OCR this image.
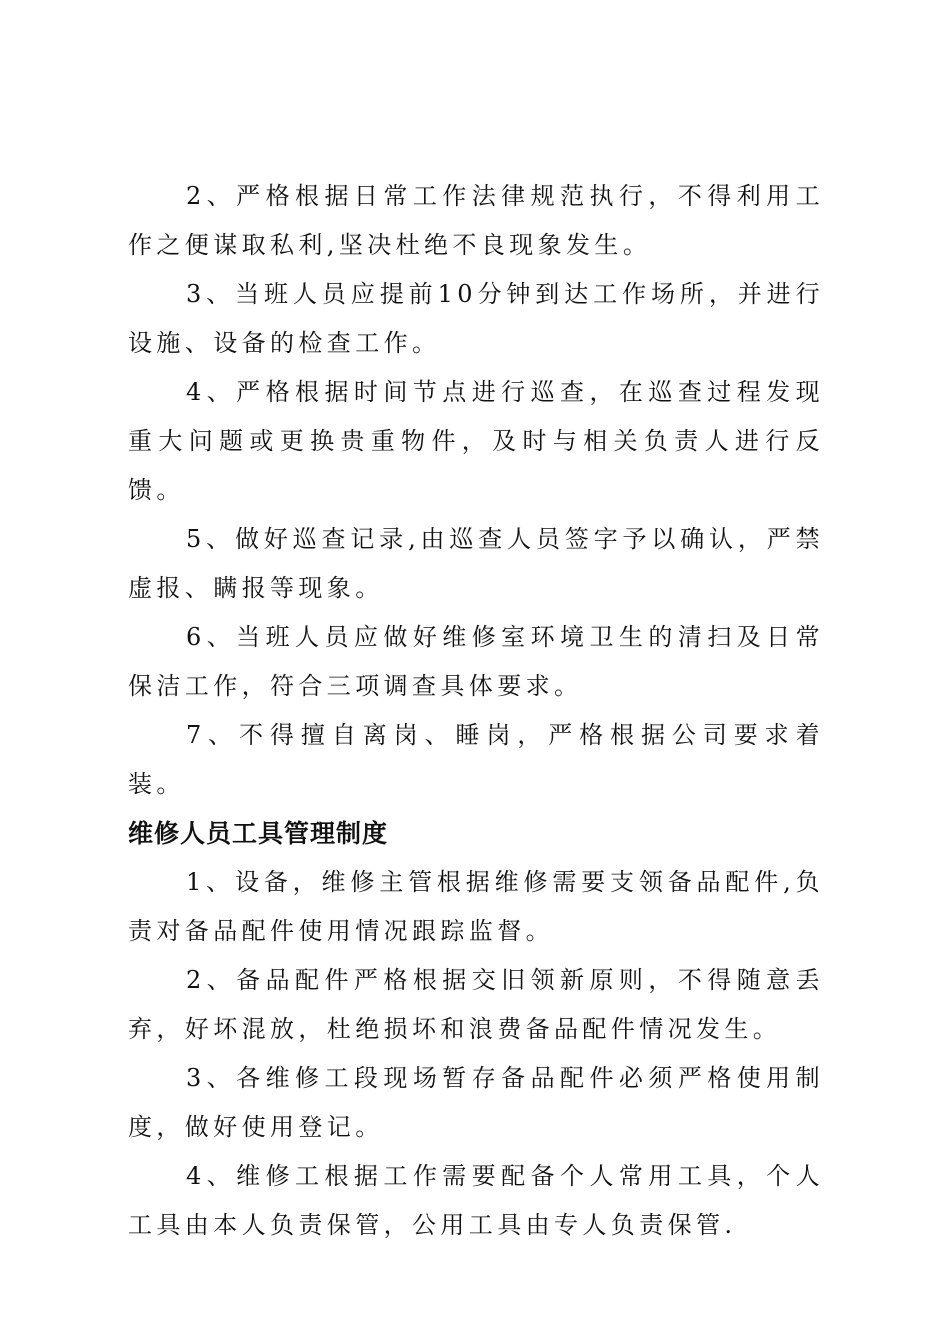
2、严格根据日常工作法律规范执行，不得利用工作之便谋取私利,坚决杜绝不良现象发生。

3、当班人员应提前10分钟到达工作场所，并进行设施、设备的检查工作。

4、严格根据时间节点进行巡查，在巡查过程发现重大问题或更换贵重物件，及时与相关负责人进行反馈。

5、做好巡查记录,由巡查人员签字予以确认，严禁虚报、瞒报等现象。

6、当班人员应做好维修室环境卫生的清扫及日常保洁工作，符合三项调查具体要求。

7、不得擅自离岗、睡岗，严格根据公司要求着装。

维修人员工具管理制度

1、设备，维修主管根据维修需要支领备品配件,负责对备品配件使用情况跟踪监督。

2、备品配件严格根据交旧领新原则，不得随意丢弃，好坏混放，杜绝损坏和浪费备品配件情况发生。

3、各维修工段现场暂存备品配件必须严格使用制度，做好使用登记。

4、维修工根据工作需要配备个人常用工具，个人工具由本人负责保管，公用工具由专人负责保管.
